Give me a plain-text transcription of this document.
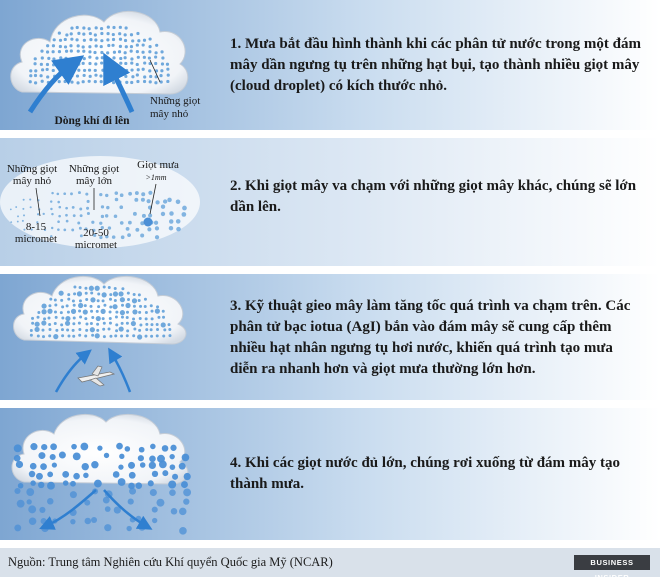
Dòng khí đi lên
Những giọt
mây nhỏ
1. Mưa bắt đầu hình thành khi các phân tử nước trong một đám mây dần ngưng tụ trên những hạt bụi, tạo thành nhiều giọt mây (cloud droplet) có kích thước nhỏ.
Những giọt
mây nhỏ
8-15
micromet
Những giọt
mây lớn
20-50
micromet
Giọt mưa
>1mm
2. Khi giọt mây va chạm với những giọt mây khác, chúng sẽ lớn dần lên.
3. Kỹ thuật gieo mây làm tăng tốc quá trình va chạm trên. Các phân tử bạc iotua (AgI) bắn vào đám mây sẽ cung cấp thêm nhiều hạt nhân ngưng tụ hơi nước, khiến quá trình tạo mưa diễn ra nhanh hơn và giọt mưa thường lớn hơn.
4. Khi các giọt nước đủ lớn, chúng rơi xuống từ đám mây tạo thành mưa.
Nguồn: Trung tâm Nghiên cứu Khí quyển Quốc gia Mỹ (NCAR)	BUSINESS INSIDER
